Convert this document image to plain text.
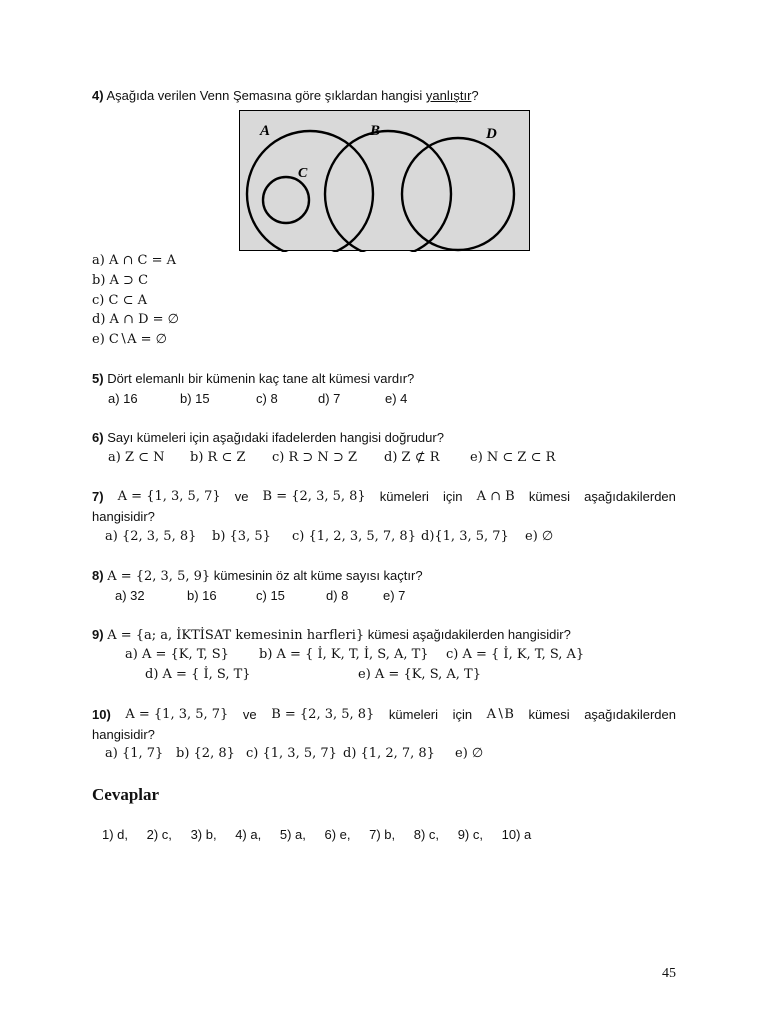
4) Aşağıda verilen Venn Şemasına göre şıklardan hangisi yanlıştır?
A	B	D
C
a) A ∩ C = A
b) A ⊃ C
c) C ⊂ A
d) A ∩ D = ∅
e) C∖A = ∅
5) Dört elemanlı bir kümenin kaç tane alt kümesi vardır?
a) 16	b) 15	c) 8	d) 7	e) 4
6) Sayı kümeleri için aşağıdaki ifadelerden hangisi doğrudur?
a) Z ⊂ N b) R ⊂ Z c) R ⊃ N ⊃ Z d) Z ⊄ R e) N ⊂ Z ⊂ R
7) A = {1, 3, 5, 7} ve B = {2, 3, 5, 8} kümeleri için A ∩ B kümesi aşağıdakilerden
hangisidir?
a) {2, 3, 5, 8} b) {3, 5} c) {1, 2, 3, 5, 7, 8} d){1, 3, 5, 7} e) ∅
8) A = {2, 3, 5, 9} kümesinin öz alt küme sayısı kaçtır?
a) 32	b) 16	c) 15	d) 8	e) 7
9) A = {a; a, İKTİSAT kemesinin harfleri} kümesi aşağıdakilerden hangisidir?
a) A = {K, T, S} b) A = { İ, K, T, İ, S, A, T} c) A = { İ, K, T, S, A}
d) A = { İ, S, T}	e) A = {K, S, A, T}
10) A = {1, 3, 5, 7} ve B = {2, 3, 5, 8} kümeleri için A∖B kümesi aşağıdakilerden
hangisidir?
a) {1, 7} b) {2, 8} c) {1, 3, 5, 7} d) {1, 2, 7, 8} e) ∅
Cevaplar
1) d, 2) c, 3) b, 4) a, 5) a, 6) e, 7) b, 8) c, 9) c, 10) a
45
